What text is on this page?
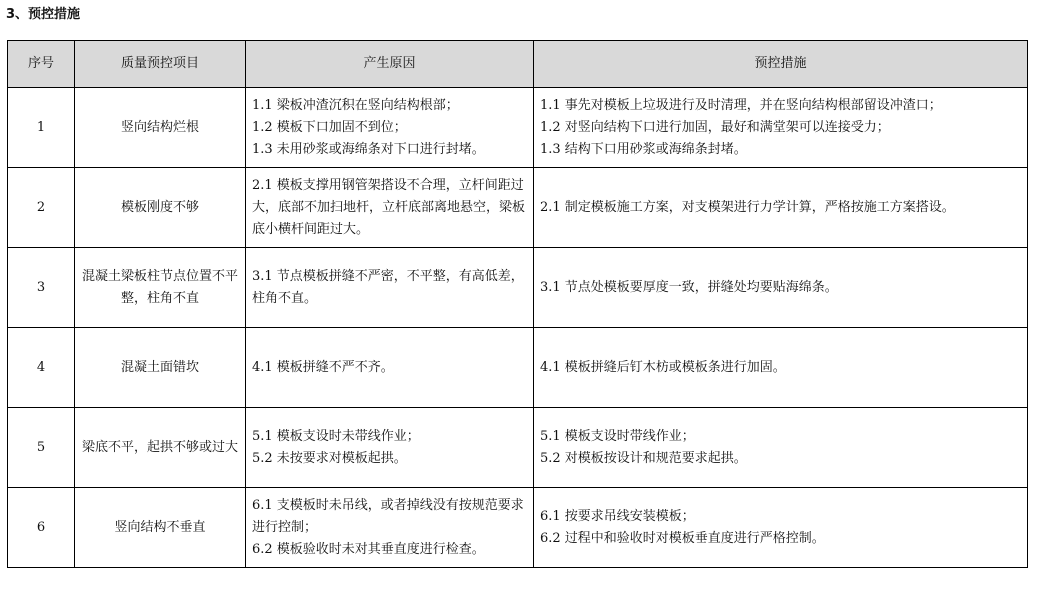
3、预控措施
序号	质量预控项目	产生原因	预控措施
1	竖向结构烂根	1.1 梁板冲渣沉积在竖向结构根部；
1.2 模板下口加固不到位；
1.3 未用砂浆或海绵条对下口进行封堵。	1.1 事先对模板上垃圾进行及时清理，并在竖向结构根部留设冲渣口；
1.2 对竖向结构下口进行加固，最好和满堂架可以连接受力；
1.3 结构下口用砂浆或海绵条封堵。

2	模板刚度不够	2.1 模板支撑用钢管架搭设不合理，立杆间距过大，底部不加扫地杆，立杆底部离地悬空，梁板底小横杆间距过大。	2.1 制定模板施工方案，对支模架进行力学计算，严格按施工方案搭设。

3	混凝土梁板柱节点位置不平整，柱角不直	3.1 节点模板拼缝不严密，不平整，有高低差，柱角不直。	3.1 节点处模板要厚度一致，拼缝处均要贴海绵条。

4	混凝土面错坎	4.1 模板拼缝不严不齐。	4.1 模板拼缝后钉木枋或模板条进行加固。

5	梁底不平，起拱不够或过大	5.1 模板支设时未带线作业；
5.2 未按要求对模板起拱。	5.1 模板支设时带线作业；
5.2 对模板按设计和规范要求起拱。

6	竖向结构不垂直	6.1 支模板时未吊线，或者掉线没有按规范要求进行控制；
6.2 模板验收时未对其垂直度进行检查。	6.1 按要求吊线安装模板；
6.2 过程中和验收时对模板垂直度进行严格控制。
